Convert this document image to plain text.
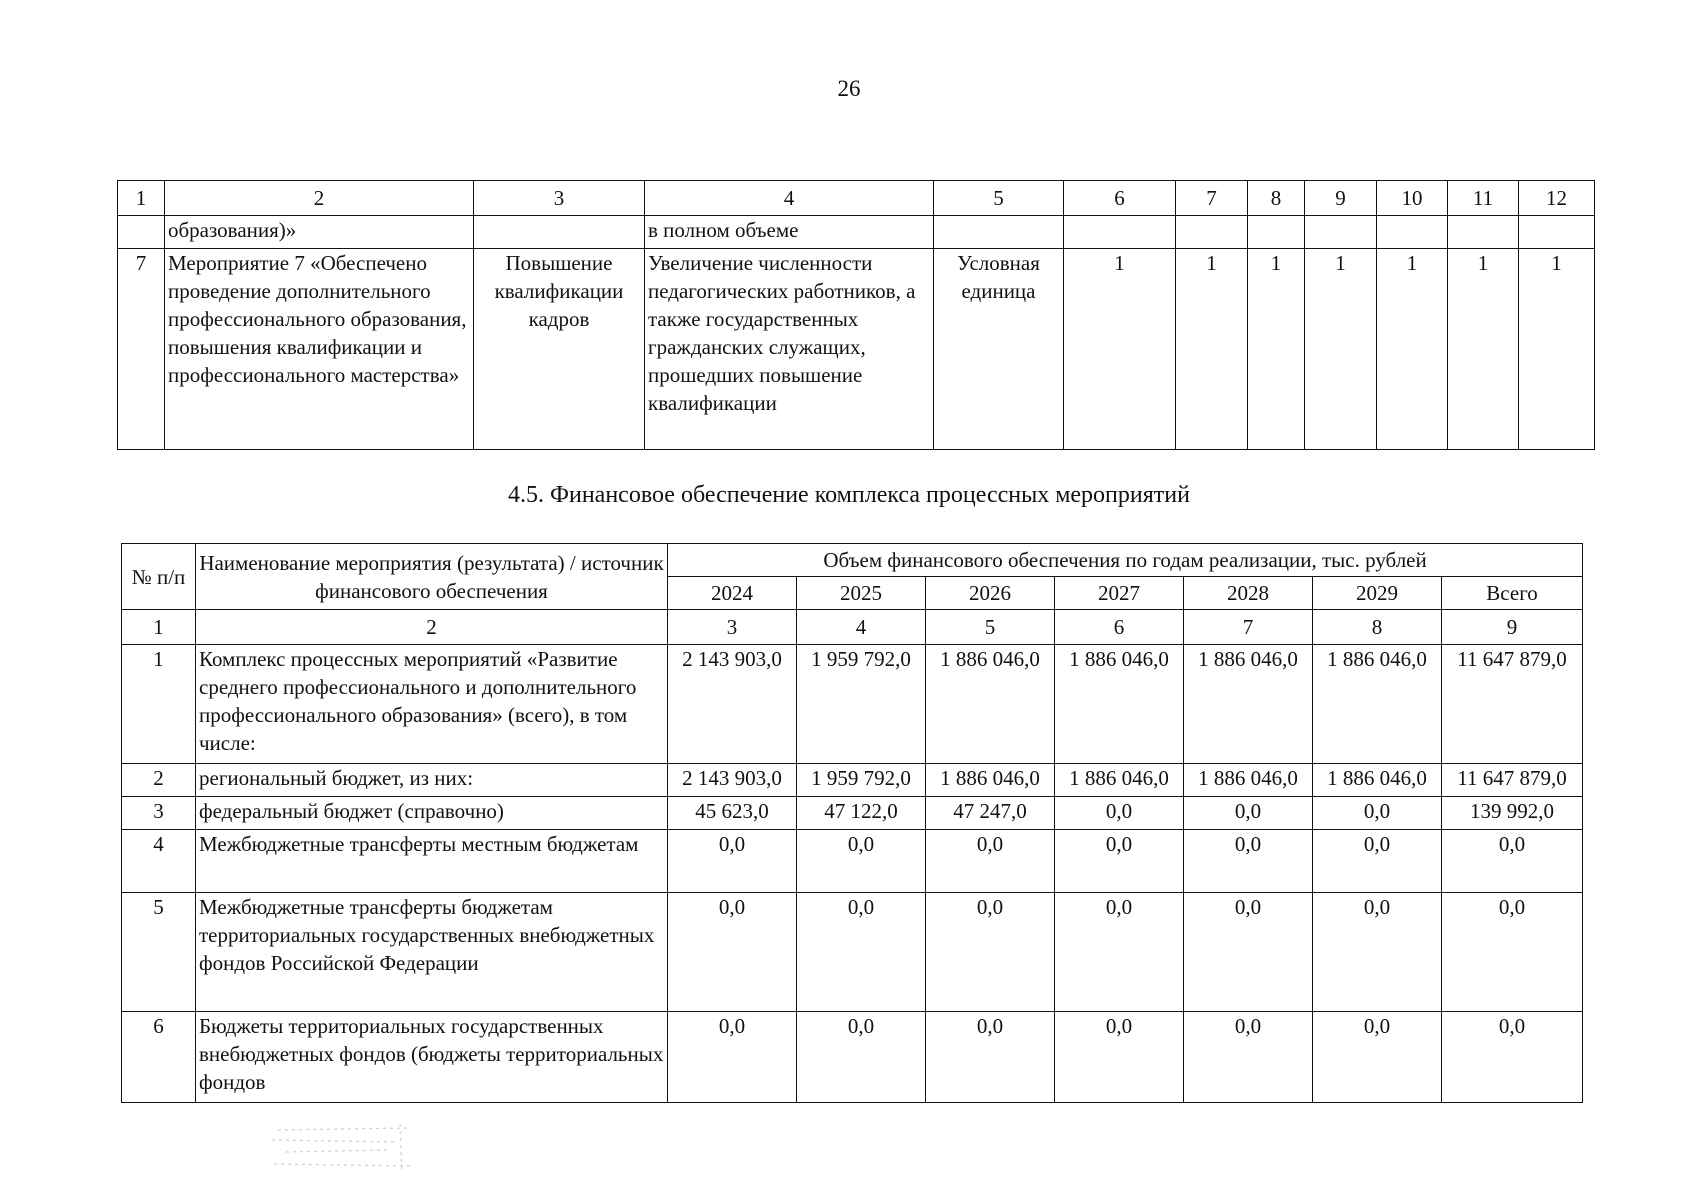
26
1	2	3	4	5	6	7	8	9	10	11	12
	образования)»		в полном объеме								
7	Мероприятие 7 «Обеспечено проведение дополнительного профессионального образования, повышения квалификации и профессионального мастерства»	Повышение квалификации кадров	Увеличение численности педагогических работников, а также государственных гражданских служащих, прошедших повышение квалификации	Условная единица	1	1	1	1	1	1	1
4.5. Финансовое обеспечение комплекса процессных мероприятий
№ п/п	Наименование мероприятия (результата) / источник финансового обеспечения	Объем финансового обеспечения по годам реализации, тыс. рублей						
		2024	2025	2026	2027	2028	2029	Всего
1	2	3	4	5	6	7	8	9
1	Комплекс процессных мероприятий «Развитие среднего профессионального и дополнительного профессионального образования» (всего), в том числе:	2 143 903,0	1 959 792,0	1 886 046,0	1 886 046,0	1 886 046,0	1 886 046,0	11 647 879,0
2	региональный бюджет, из них:	2 143 903,0	1 959 792,0	1 886 046,0	1 886 046,0	1 886 046,0	1 886 046,0	11 647 879,0
3	федеральный бюджет (справочно)	45 623,0	47 122,0	47 247,0	0,0	0,0	0,0	139 992,0
4	Межбюджетные трансферты местным бюджетам	0,0	0,0	0,0	0,0	0,0	0,0	0,0
5	Межбюджетные трансферты бюджетам территориальных государственных внебюджетных фондов Российской Федерации	0,0	0,0	0,0	0,0	0,0	0,0	0,0
6	Бюджеты территориальных государственных внебюджетных фондов (бюджеты территориальных фондов	0,0	0,0	0,0	0,0	0,0	0,0	0,0
